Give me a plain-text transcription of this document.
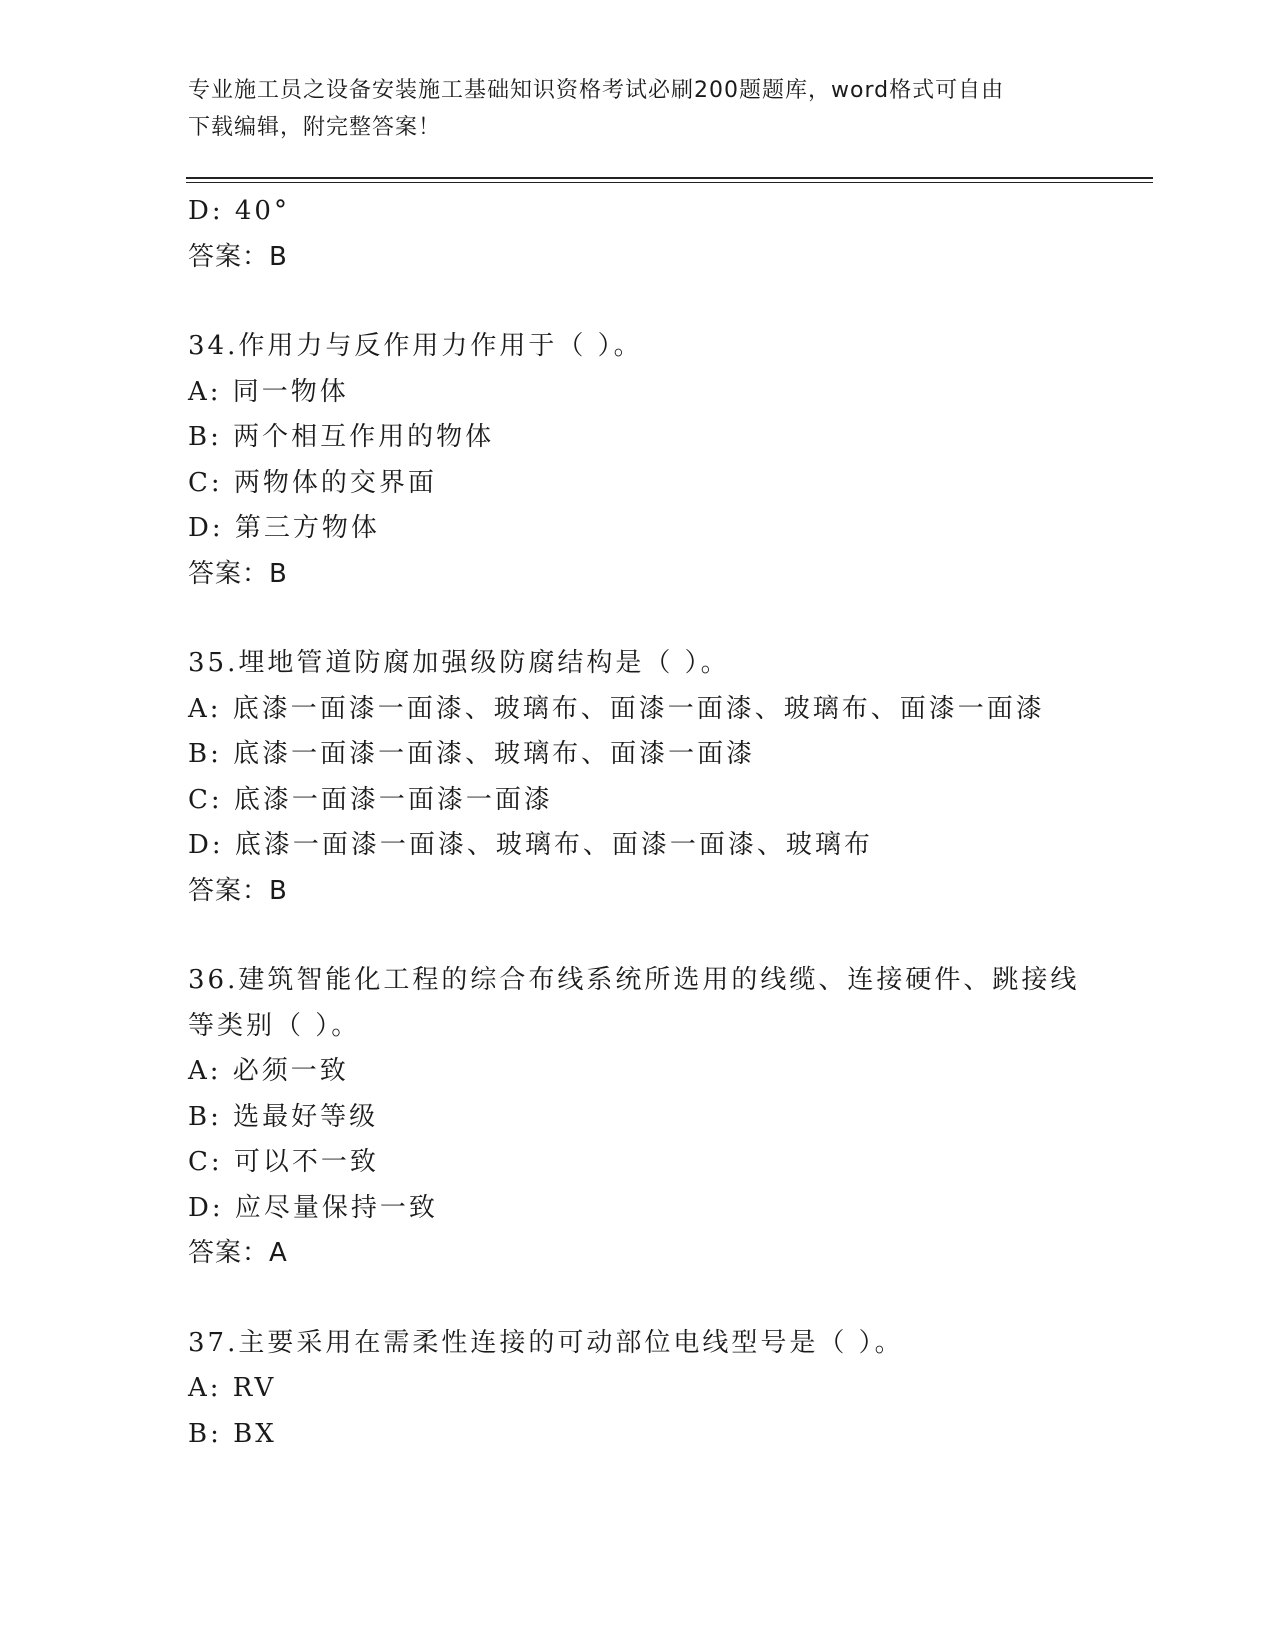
专业施工员之设备安装施工基础知识资格考试必刷200题题库，word格式可自由
下载编辑，附完整答案！
D: 40°
答案：B
34.作用力与反作用力作用于（ ）。
A: 同一物体
B: 两个相互作用的物体
C: 两物体的交界面
D: 第三方物体
答案：B
35.埋地管道防腐加强级防腐结构是（ ）。
A: 底漆一面漆一面漆、玻璃布、面漆一面漆、玻璃布、面漆一面漆
B: 底漆一面漆一面漆、玻璃布、面漆一面漆
C: 底漆一面漆一面漆一面漆
D: 底漆一面漆一面漆、玻璃布、面漆一面漆、玻璃布
答案：B
36.建筑智能化工程的综合布线系统所选用的线缆、连接硬件、跳接线
等类别（ ）。
A: 必须一致
B: 选最好等级
C: 可以不一致
D: 应尽量保持一致
答案：A
37.主要采用在需柔性连接的可动部位电线型号是（ ）。
A: RV
B: BX
